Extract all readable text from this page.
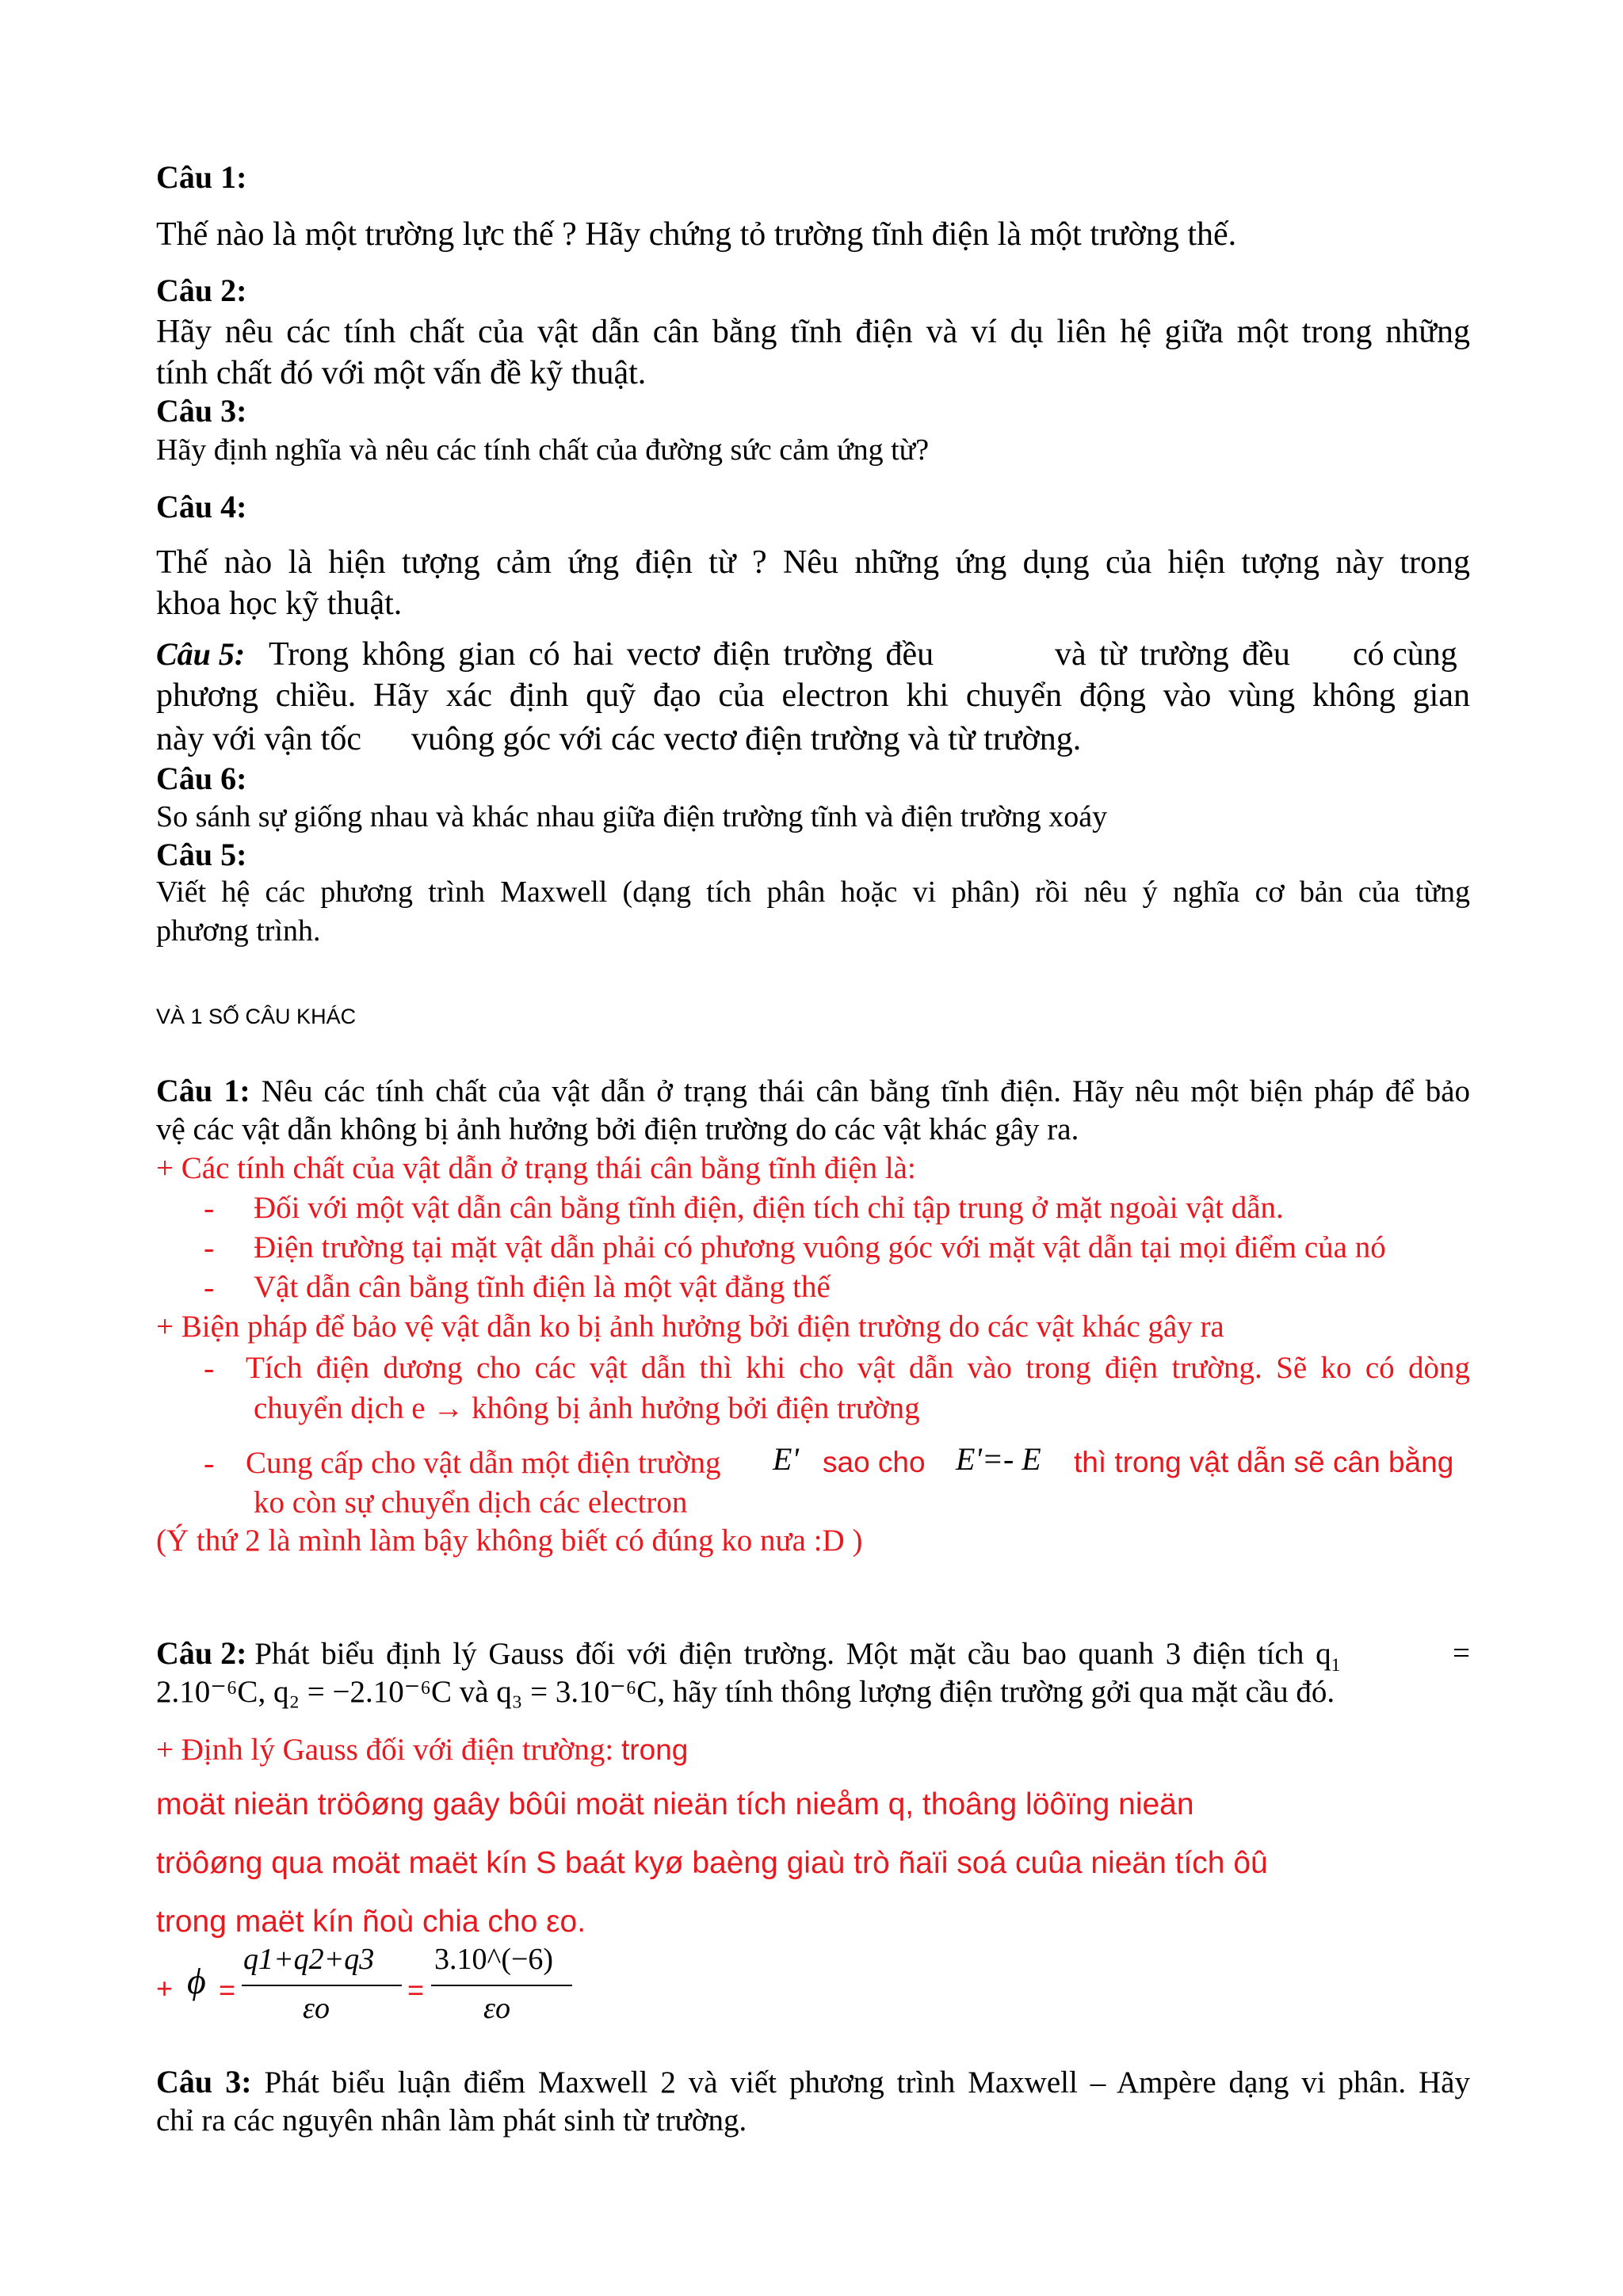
Câu 1:
Thế nào là một trường lực thế ? Hãy chứng tỏ trường tĩnh điện là một trường thế.
Câu 2:
Hãy nêu các tính chất của vật dẫn cân bằng tĩnh điện và ví dụ liên hệ giữa một trong những
tính chất đó với một vấn đề kỹ thuật.
Câu 3:
Hãy định nghĩa và nêu các tính chất của đường sức cảm ứng từ?
Câu 4:
Thế nào là hiện tượng cảm ứng điện từ ? Nêu những ứng dụng của hiện tượng này trong
khoa học kỹ thuật.
Câu 5: Trong không gian có hai vectơ điện trường đều	và từ trường đều có cùng
phương chiều. Hãy xác định quỹ đạo của electron khi chuyển động vào vùng không gian
này với vận tốc vuông góc với các vectơ điện trường và từ trường.
Câu 6:
So sánh sự giống nhau và khác nhau giữa điện trường tĩnh và điện trường xoáy
Câu 5:
Viết hệ các phương trình Maxwell (dạng tích phân hoặc vi phân) rồi nêu ý nghĩa cơ bản của từng
phương trình.
VÀ 1 SỐ CÂU KHÁC
Câu 1: Nêu các tính chất của vật dẫn ở trạng thái cân bằng tĩnh điện. Hãy nêu một biện pháp để bảo
vệ các vật dẫn không bị ảnh hưởng bởi điện trường do các vật khác gây ra.
+ Các tính chất của vật dẫn ở trạng thái cân bằng tĩnh điện là:
- Đối với một vật dẫn cân bằng tĩnh điện, điện tích chỉ tập trung ở mặt ngoài vật dẫn.
- Điện trường tại mặt vật dẫn phải có phương vuông góc với mặt vật dẫn tại mọi điểm của nó
- Vật dẫn cân bằng tĩnh điện là một vật đẳng thế
+ Biện pháp để bảo vệ vật dẫn ko bị ảnh hưởng bởi điện trường do các vật khác gây ra
- Tích điện dương cho các vật dẫn thì khi cho vật dẫn vào trong điện trường. Sẽ ko có dòng
chuyển dịch e → không bị ảnh hưởng bởi điện trường
- Cung cấp cho vật dẫn một điện trường E' sao cho E'=- E thì trong vật dẫn sẽ cân bằng
ko còn sự chuyển dịch các electron
(Ý thứ 2 là mình làm bậy không biết có đúng ko nưa :D )
Câu 2: Phát biểu định lý Gauss đối với điện trường. Một mặt cầu bao quanh 3 điện tích $q_1$	=
2.10⁻⁶C, q₂ = −2.10⁻⁶C và q₃ = 3.10⁻⁶C, hãy tính thông lượng điện trường gởi qua mặt cầu đó.
+ Định lý Gauss đối với điện trường: trong
moät nieän tröôøng gaây bôûi moät nieän tích nieåm q, thoâng löôïng nieän
tröôøng qua moät maët kín S baát kyø baèng giaù trò ñaïi soá cuûa nieän tích ôû
trong maët kín ñoù chia cho εo.
+ ϕ =
q1+q2+q3
εo
=
3.10^(−6)
εo
Câu 3: Phát biểu luận điểm Maxwell 2 và viết phương trình Maxwell – Ampère dạng vi phân. Hãy
chỉ ra các nguyên nhân làm phát sinh từ trường.
